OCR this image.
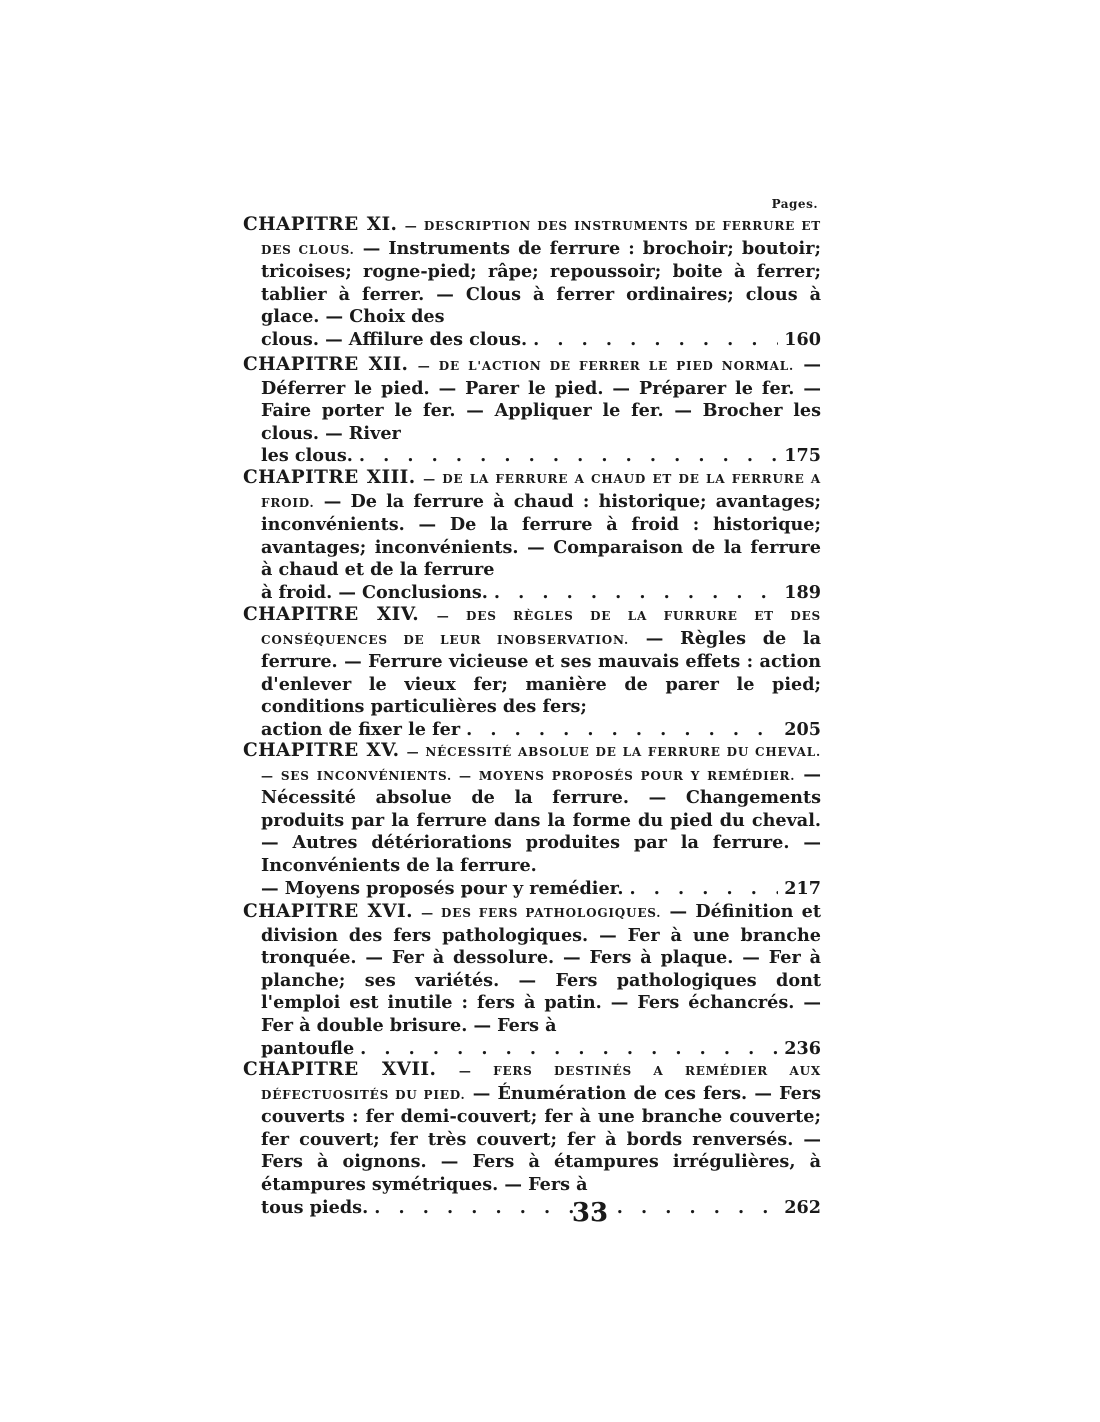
Pages.

CHAPITRE XI. — DESCRIPTION DES INSTRUMENTS DE FERRURE ET DES CLOUS. — Instruments de ferrure : brochoir; boutoir; tricoises; rogne-pied; râpe; repoussoir; boite à ferrer; tablier à ferrer. — Clous à ferrer ordinaires; clous à glace. — Choix des

clous. — Affilure des clous. . . .	160

CHAPITRE XII. — DE L'ACTION DE FERRER LE PIED NORMAL. — Déferrer le pied. — Parer le pied. — Préparer le fer. — Faire porter le fer. — Appliquer le fer. — Brocher les clous. — River

les clous. . . .	175

CHAPITRE XIII. — DE LA FERRURE A CHAUD ET DE LA FERRURE A FROID. — De la ferrure à chaud : historique; avantages; inconvénients. — De la ferrure à froid : historique; avantages; inconvénients. — Comparaison de la ferrure à chaud et de la ferrure

à froid. — Conclusions. . . .	189

CHAPITRE XIV. — DES RÈGLES DE LA FURRURE ET DES CONSÉQUENCES DE LEUR INOBSERVATION. — Règles de la ferrure. — Ferrure vicieuse et ses mauvais effets : action d'enlever le vieux fer; manière de parer le pied; conditions particulières des fers;

action de fixer le fer . . .	205

CHAPITRE XV. — NÉCESSITÉ ABSOLUE DE LA FERRURE DU CHEVAL. — SES INCONVÉNIENTS. — MOYENS PROPOSÉS POUR Y REMÉDIER. — Nécessité absolue de la ferrure. — Changements produits par la ferrure dans la forme du pied du cheval. — Autres détériorations produites par la ferrure. — Inconvénients de la ferrure.

— Moyens proposés pour y remédier. . . .	217

CHAPITRE XVI. — DES FERS PATHOLOGIQUES. — Définition et division des fers pathologiques. — Fer à une branche tronquée. — Fer à dessolure. — Fers à plaque. — Fer à planche; ses variétés. — Fers pathologiques dont l'emploi est inutile : fers à patin. — Fers échancrés. — Fer à double brisure. — Fers à

pantoufle . . .	236

CHAPITRE XVII. — FERS DESTINÉS A REMÉDIER AUX DÉFECTUOSITÉS DU PIED. — Énumération de ces fers. — Fers couverts : fer demi-couvert; fer à une branche couverte; fer couvert; fer très couvert; fer à bords renversés. — Fers à oignons. — Fers à étampures irrégulières, à étampures symétriques. — Fers à

tous pieds. . . .	262
33
